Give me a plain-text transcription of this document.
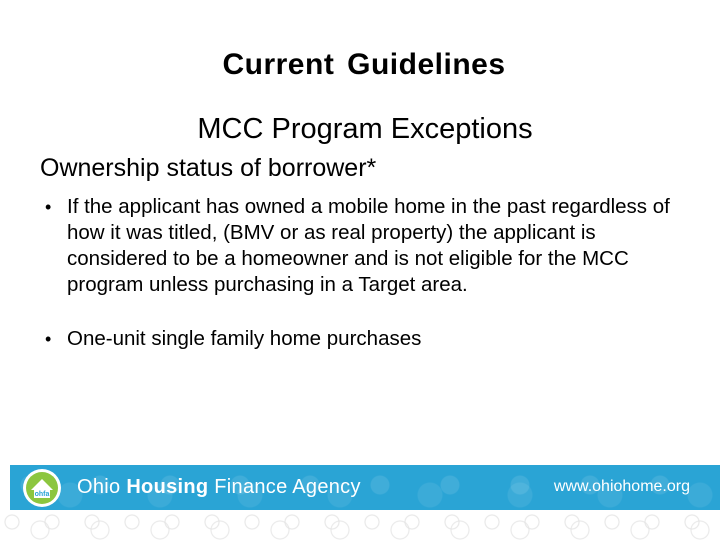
Current Guidelines
MCC Program Exceptions
Ownership status of borrower*
• If the applicant has owned a mobile home in the past regardless of how it was titled, (BMV or as real property) the applicant is considered to be a homeowner and is not eligible for the MCC program unless purchasing in a Target area.
• One-unit single family home purchases
ohfa Ohio Housing Finance Agency	www.ohiohome.org
